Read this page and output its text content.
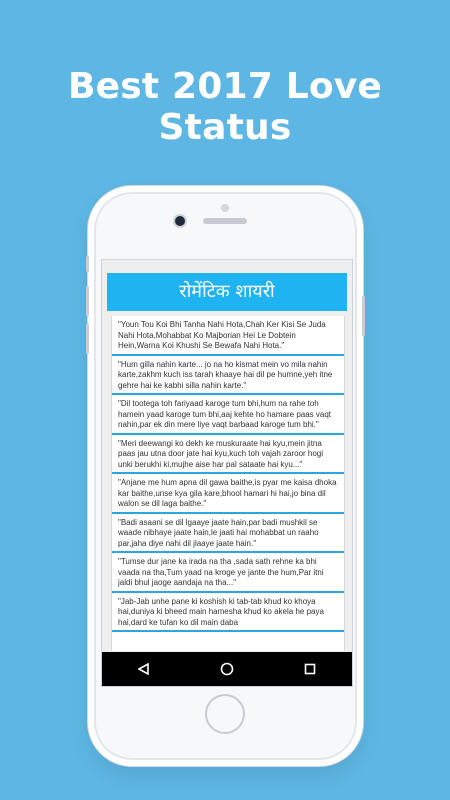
Best 2017 Love Status
रोमेंटिक शायरी
"Youn Tou Koi Bhi Tanha Nahi Hota,Chah Ker Kisi Se Juda Nahi Hota,Mohabbat Ko Majborian Hei Le Dobtein Hein,Warna Koi Khushi Se Bewafa Nahi Hota."
"Hum gilla nahin karte... jo na ho kismat mein vo mila nahin karte,zakhm kuch iss tarah khaaye hai dil pe humne,yeh itne gehre hai ke kabhi silla nahin karte."
"Dil tootega toh fariyaad karoge tum bhi,hum na rahe toh hamein yaad karoge tum bhi,aaj kehte ho hamare paas vaqt nahin,par ek din mere liye vaqt barbaad karoge tum bhi."
"Meri deewangi ko dekh ke muskuraate hai kyu,mein jitna paas jau utna door jate hai kyu,kuch toh vajah zaroor hogi unki berukhi ki,mujhe aise har pal sataate hai kyu..."
"Anjane me hum apna dil gawa baithe,is pyar me kaisa dhoka kar baithe,unse kya gila kare,bhool hamari hi hai,jo bina dil walon se dil laga baithe."
"Badi asaani se dil lgaaye jaate hain,par badi mushkil se waade nibhaye jaate hain,le jaati hai mohabbat un raaho par,jaha diye nahi dil jlaaye jaate hain."
"Tumse dur jane ka irada na tha ,sada sath rehne ka bhi vaada na tha,Tum yaad na kroge ye jante the hum,Par itni jaldi bhul jaoge aandaja na tha..."
"Jab-Jab unhe pane ki koshish ki tab-tab khud ko khoya hai,duniya ki bheed main hamesha khud ko akela he paya hai,dard ke tufan ko dil main daba
